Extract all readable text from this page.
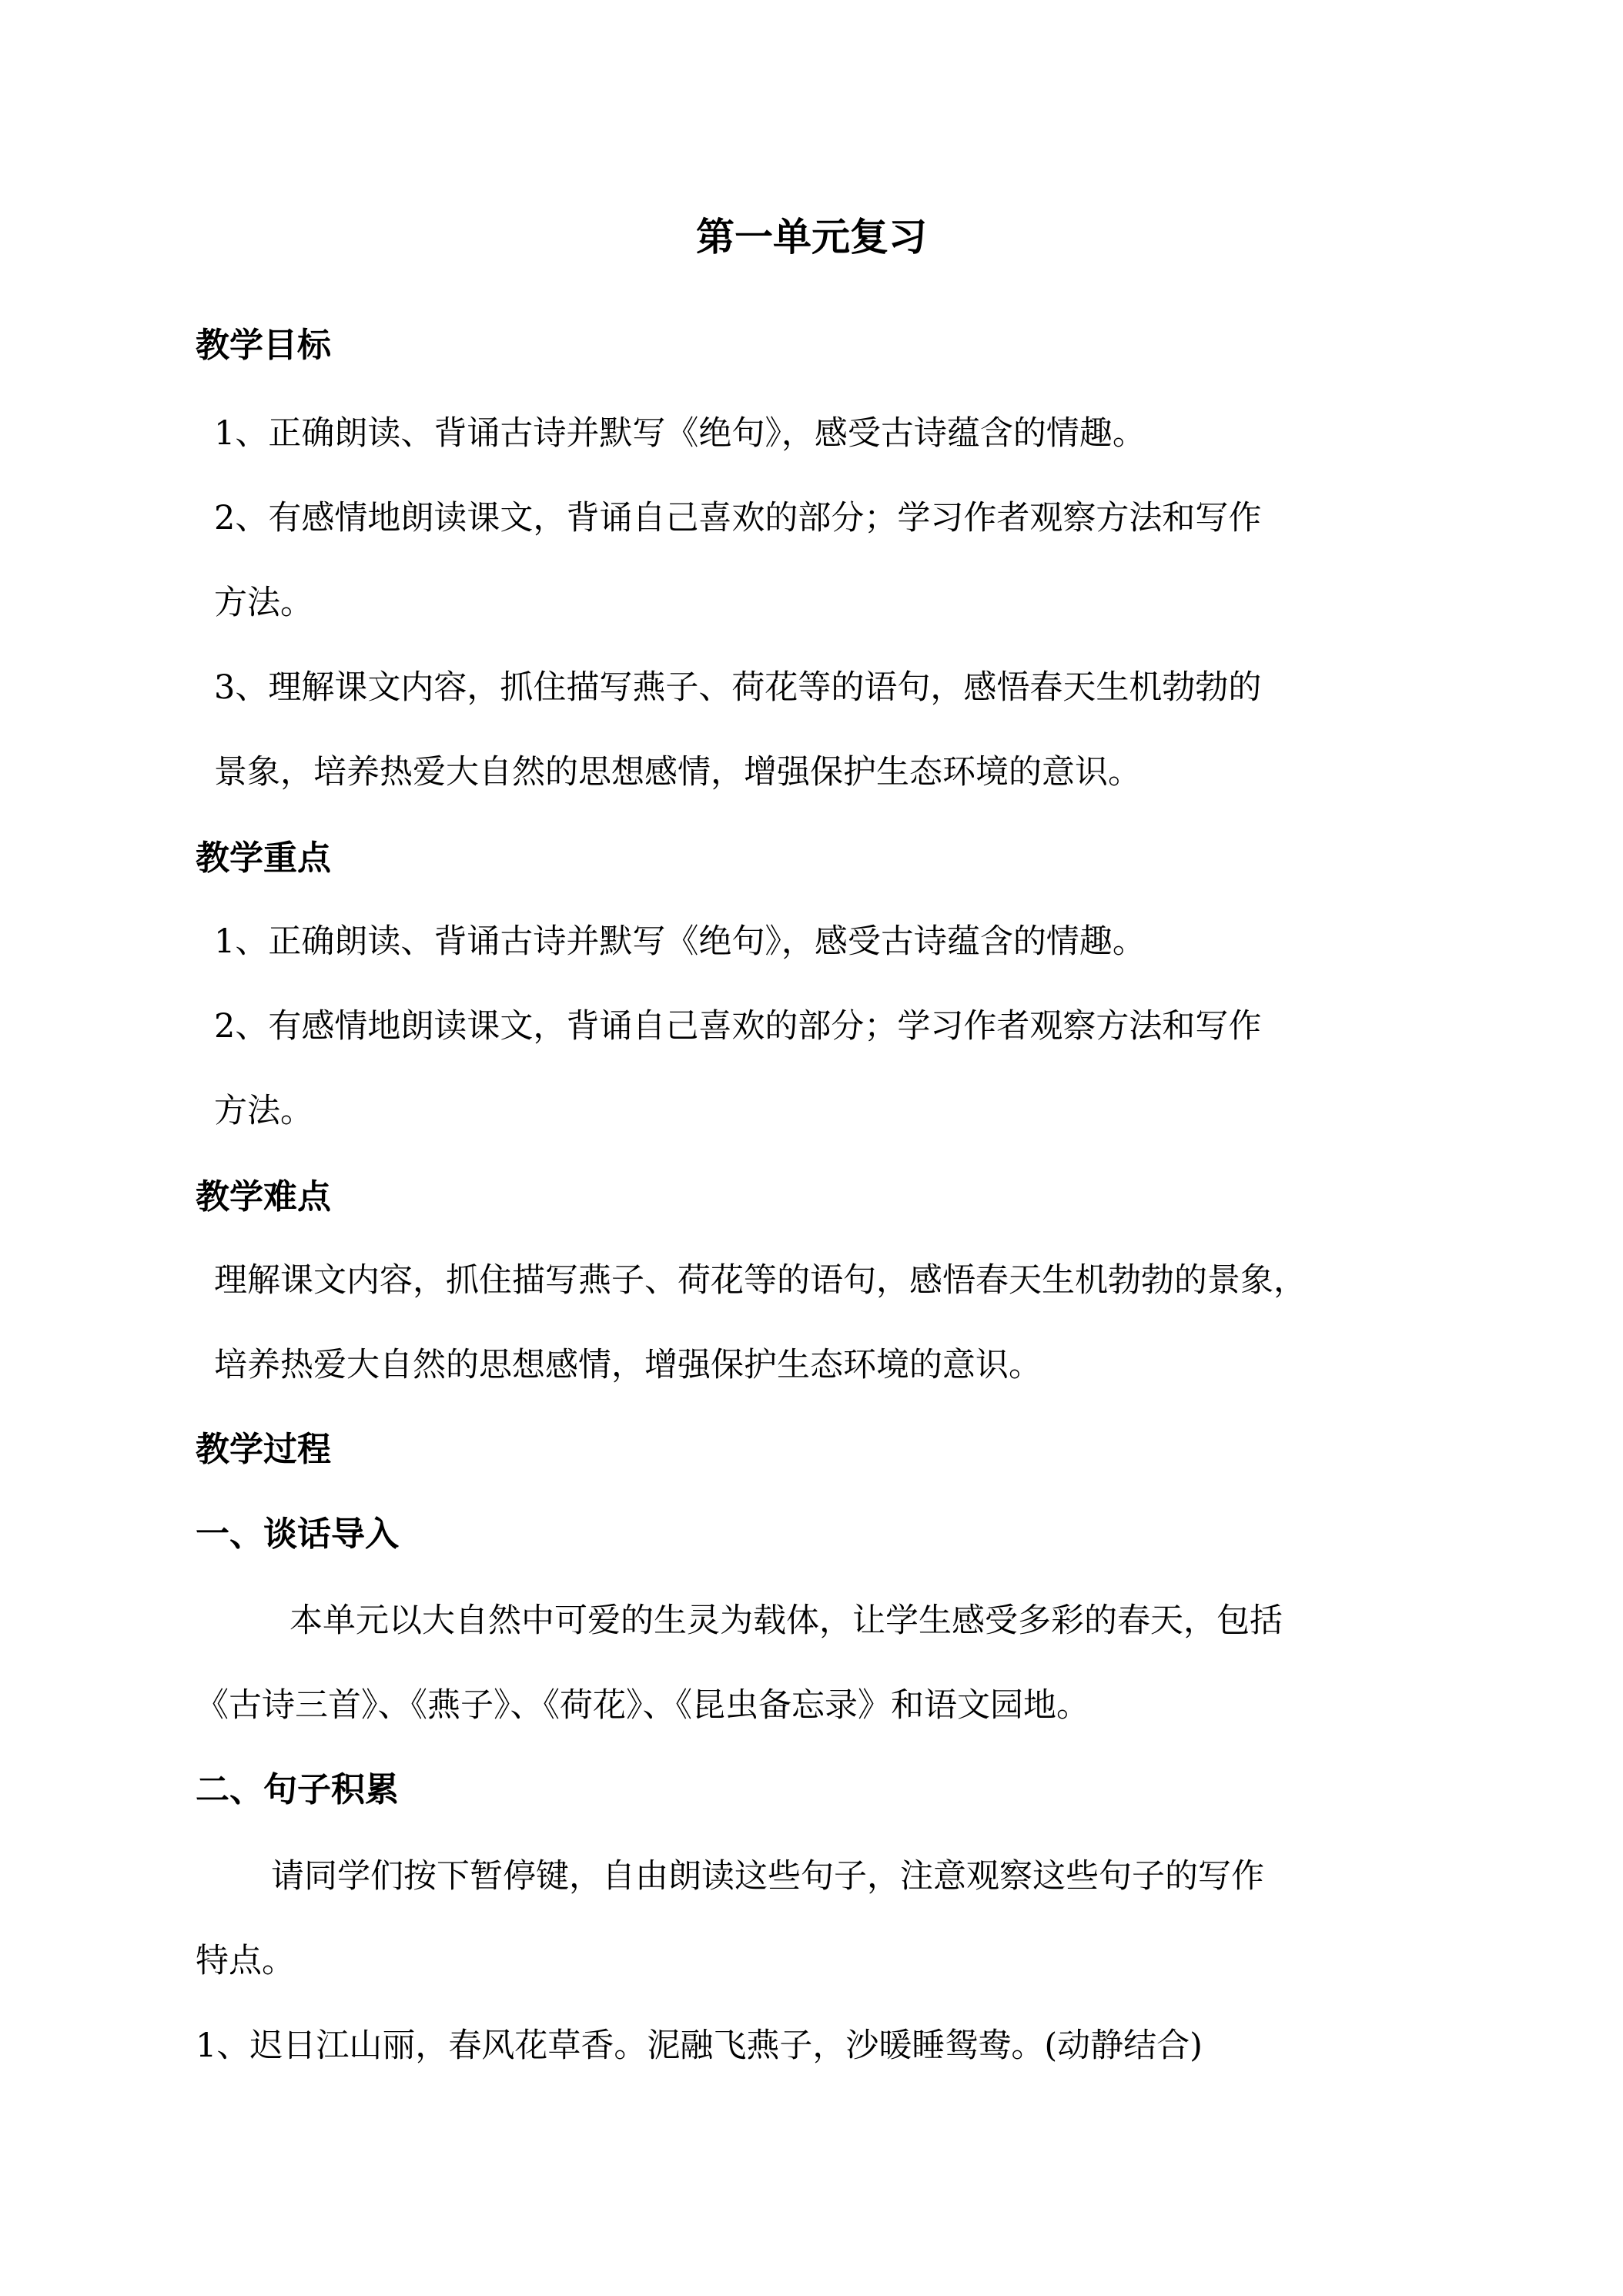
第一单元复习
教学目标
1、正确朗读、背诵古诗并默写《绝句》，感受古诗蕴含的情趣。
2、有感情地朗读课文，背诵自己喜欢的部分；学习作者观察方法和写作
方法。
3、理解课文内容，抓住描写燕子、荷花等的语句，感悟春天生机勃勃的
景象，培养热爱大自然的思想感情，增强保护生态环境的意识。
教学重点
1、正确朗读、背诵古诗并默写《绝句》，感受古诗蕴含的情趣。
2、有感情地朗读课文，背诵自己喜欢的部分；学习作者观察方法和写作
方法。
教学难点
理解课文内容，抓住描写燕子、荷花等的语句，感悟春天生机勃勃的景象，
培养热爱大自然的思想感情，增强保护生态环境的意识。
教学过程
一、谈话导入
本单元以大自然中可爱的生灵为载体，让学生感受多彩的春天，包括
《古诗三首》、《燕子》、《荷花》、《昆虫备忘录》和语文园地。
二、句子积累
请同学们按下暂停键，自由朗读这些句子，注意观察这些句子的写作
特点。
1、迟日江山丽，春风花草香。泥融飞燕子，沙暖睡鸳鸯。(动静结合)
